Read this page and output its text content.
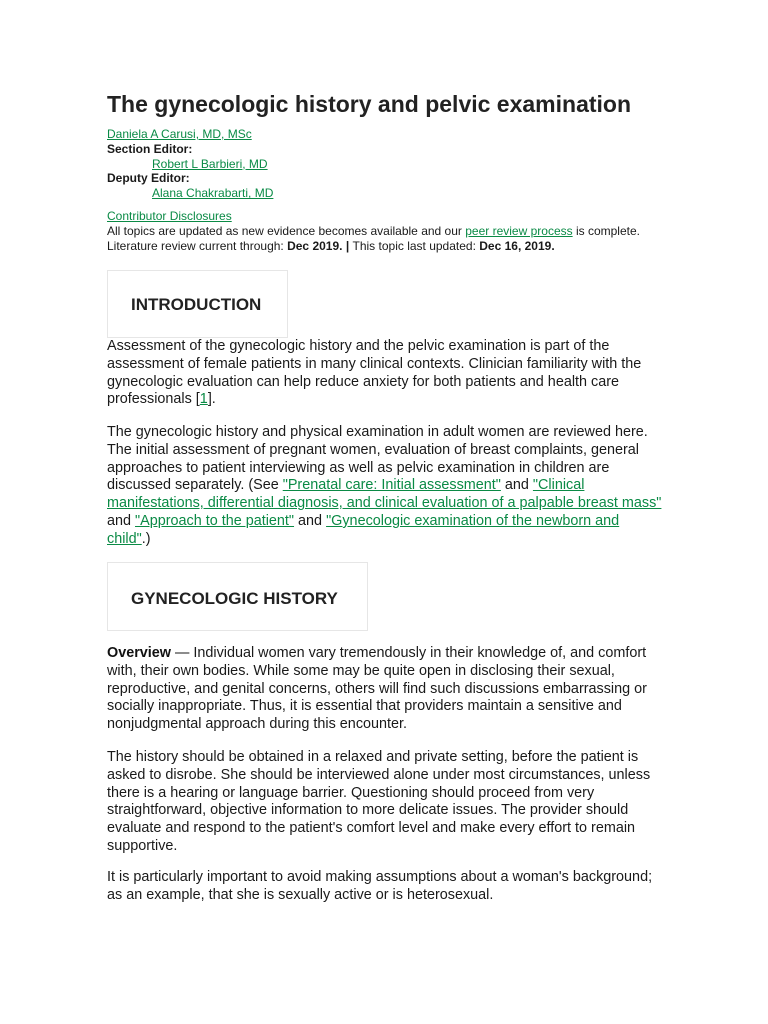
The gynecologic history and pelvic examination
Daniela A Carusi, MD, MSc
Section Editor:
Robert L Barbieri, MD
Deputy Editor:
Alana Chakrabarti, MD
Contributor Disclosures
All topics are updated as new evidence becomes available and our peer review process is complete.
Literature review current through: Dec 2019. | This topic last updated: Dec 16, 2019.
INTRODUCTION

Assessment of the gynecologic history and the pelvic examination is part of the assessment of female patients in many clinical contexts. Clinician familiarity with the gynecologic evaluation can help reduce anxiety for both patients and health care professionals [1].

The gynecologic history and physical examination in adult women are reviewed here. The initial assessment of pregnant women, evaluation of breast complaints, general approaches to patient interviewing as well as pelvic examination in children are discussed separately. (See "Prenatal care: Initial assessment" and "Clinical manifestations, differential diagnosis, and clinical evaluation of a palpable breast mass" and "Approach to the patient" and "Gynecologic examination of the newborn and child".)

GYNECOLOGIC HISTORY

Overview — Individual women vary tremendously in their knowledge of, and comfort with, their own bodies. While some may be quite open in disclosing their sexual, reproductive, and genital concerns, others will find such discussions embarrassing or socially inappropriate. Thus, it is essential that providers maintain a sensitive and nonjudgmental approach during this encounter.

The history should be obtained in a relaxed and private setting, before the patient is asked to disrobe. She should be interviewed alone under most circumstances, unless there is a hearing or language barrier. Questioning should proceed from very straightforward, objective information to more delicate issues. The provider should evaluate and respond to the patient's comfort level and make every effort to remain supportive.

It is particularly important to avoid making assumptions about a woman's background; as an example, that she is sexually active or is heterosexual.
